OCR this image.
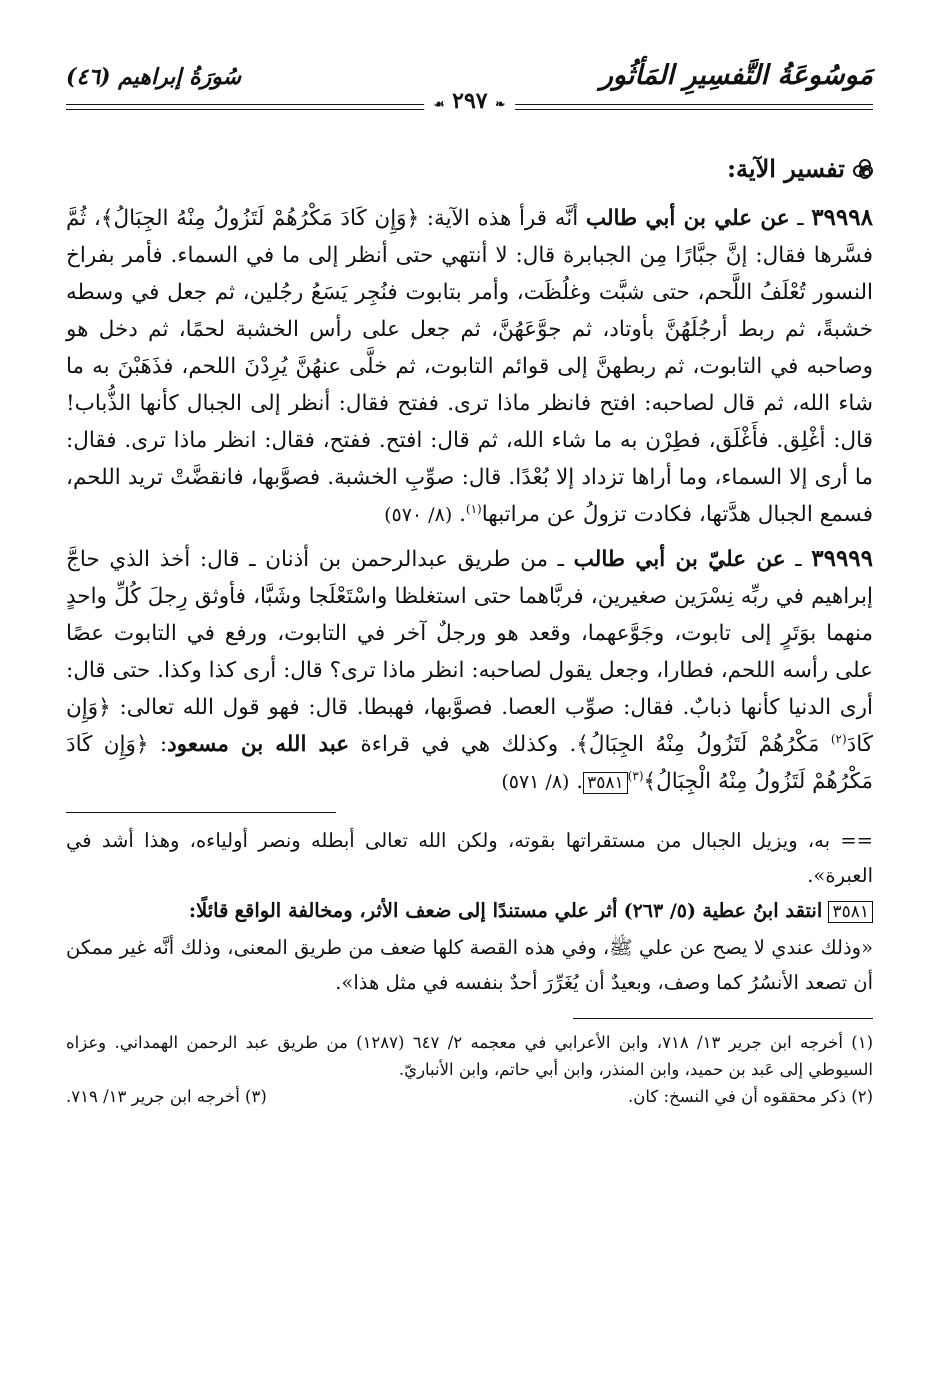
مَوسُوعَةُ التَّفسِيرِ المَأثُور
سُورَةُ إبراهيم (٤٦)
❧ ٢٩٧ ☙
تفسير الآية:

٣٩٩٩٨ ـ عن علي بن أبي طالب أنَّه قرأ هذه الآية: ﴿وَإِن كَادَ مَكْرُهُمْ لَتَزُولُ مِنْهُ الجِبَالُ﴾، ثُمَّ فسَّرها فقال: إنَّ جبَّارًا مِن الجبابرة قال: لا أنتهي حتى أنظر إلى ما في السماء. فأمر بفراخ النسور تُعْلَفُ اللَّحم، حتى شبَّت وغلُظَت، وأمر بتابوت فنُجِر يَسَعُ رجُلين، ثم جعل في وسطه خشبةً، ثم ربط أرجُلَهُنَّ بأوتاد، ثم جوَّعَهُنَّ، ثم جعل على رأس الخشبة لحمًا، ثم دخل هو وصاحبه في التابوت، ثم ربطهنَّ إلى قوائم التابوت، ثم خلَّى عنهُنَّ يُرِدْنَ اللحم، فذَهَبْنَ به ما شاء الله، ثم قال لصاحبه: افتح فانظر ماذا ترى. ففتح فقال: أنظر إلى الجبال كأنها الذُّباب! قال: أغْلِق. فأَغْلَق، فطِرْن به ما شاء الله، ثم قال: افتح. ففتح، فقال: انظر ماذا ترى. فقال: ما أرى إلا السماء، وما أراها تزداد إلا بُعْدًا. قال: صوِّبِ الخشبة. فصوَّبها، فانقضَّتْ تريد اللحم، فسمع الجبال هدَّتها، فكادت تزولُ عن مراتبها$^{(١)}$. (٨/ ٥٧٠)

٣٩٩٩٩ ـ عن عليّ بن أبي طالب ـ من طريق عبدالرحمن بن أذنان ـ قال: أخذ الذي حاجَّ إبراهيم في ربِّه نِسْرَين صغيرين، فربَّاهما حتى استغلظا واسْتَعْلَجا وشَبَّا، فأوثق رِجلَ كُلِّ واحدٍ منهما بوَتَرٍ إلى تابوت، وجَوَّعهما، وقعد هو ورجلٌ آخر في التابوت، ورفع في التابوت عصًا على رأسه اللحم، فطارا، وجعل يقول لصاحبه: انظر ماذا ترى؟ قال: أرى كذا وكذا. حتى قال: أرى الدنيا كأنها ذبابٌ. فقال: صوِّب العصا. فصوَّبها، فهبطا. قال: فهو قول الله تعالى: ﴿وَإِن كَادَ$^{(٢)}$ مَكْرُهُمْ لَتَزُولُ مِنْهُ الجِبَالُ﴾. وكذلك هي في قراءة عبد الله بن مسعود: ﴿وَإِن كَادَ مَكْرُهُمْ لَتَزُولُ مِنْهُ الْجِبَالُ﴾$^{(٣)}$٣٥٨١. (٨/ ٥٧١)

== به، ويزيل الجبال من مستقراتها بقوته، ولكن الله تعالى أبطله ونصر أولياءه، وهذا أشد في العبرة».

٣٥٨١ انتقد ابنُ عطية (٥/ ٢٦٣) أثر علي مستندًا إلى ضعف الأثر، ومخالفة الواقع قائلًا:

«وذلك عندي لا يصح عن علي ﷺ، وفي هذه القصة كلها ضعف من طريق المعنى، وذلك أنَّه غير ممكن أن تصعد الأنسُرُ كما وصف، وبعيدٌ أن يُغَرِّرَ أحدٌ بنفسه في مثل هذا».

(١) أخرجه ابن جرير ١٣/ ٧١٨، وابن الأعرابي في معجمه ٢/ ٦٤٧ (١٢٨٧) من طريق عبد الرحمن الهمداني. وعزاه السيوطي إلى عَبد بن حميد، وابن المنذر، وابن أبي حاتم، وابن الأنباريّ.

(٢) ذكر محققوه أن في النسخ: كان.
(٣) أخرجه ابن جرير ١٣/ ٧١٩.
